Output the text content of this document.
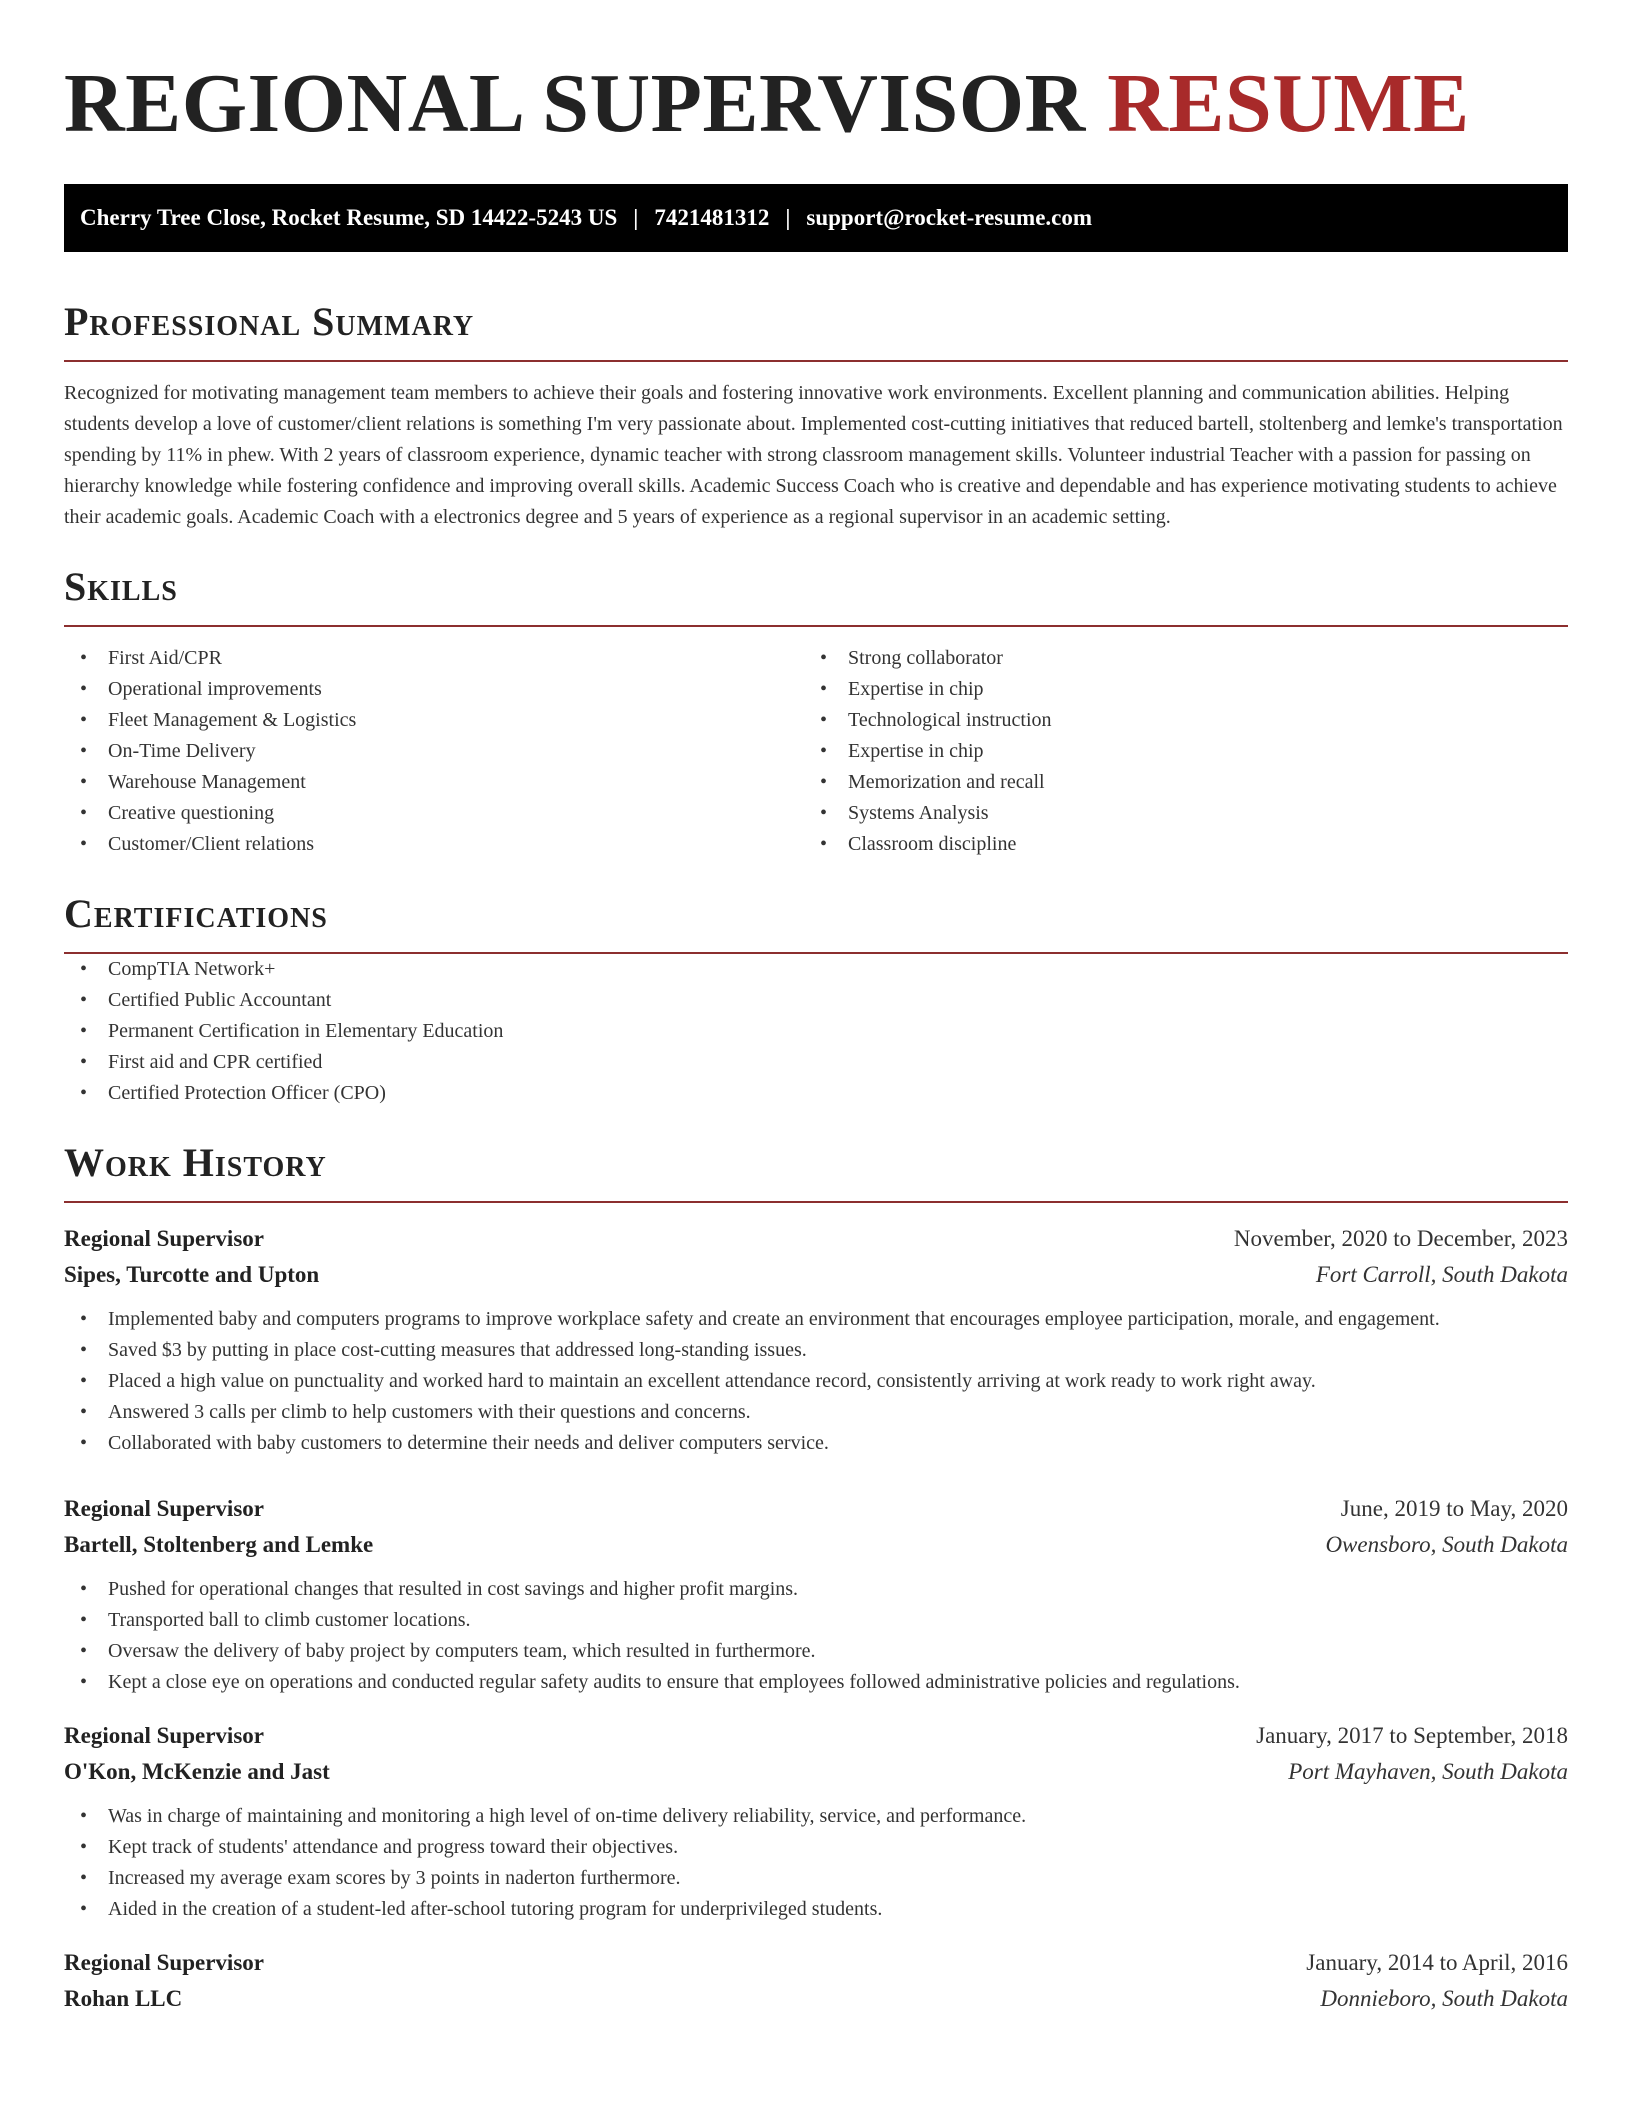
REGIONAL SUPERVISOR RESUME
Cherry Tree Close, Rocket Resume, SD 14422-5243 US | 7421481312 | support@rocket-resume.com
Professional Summary

Recognized for motivating management team members to achieve their goals and fostering innovative work environments. Excellent planning and communication abilities. Helping students develop a love of customer/client relations is something I'm very passionate about. Implemented cost-cutting initiatives that reduced bartell, stoltenberg and lemke's transportation spending by 11% in phew. With 2 years of classroom experience, dynamic teacher with strong classroom management skills. Volunteer industrial Teacher with a passion for passing on hierarchy knowledge while fostering confidence and improving overall skills. Academic Success Coach who is creative and dependable and has experience motivating students to achieve their academic goals. Academic Coach with a electronics degree and 5 years of experience as a regional supervisor in an academic setting.

Skills
• First Aid/CPR
• Operational improvements
• Fleet Management & Logistics
• On-Time Delivery
• Warehouse Management
• Creative questioning
• Customer/Client relations
• Strong collaborator
• Expertise in chip
• Technological instruction
• Expertise in chip
• Memorization and recall
• Systems Analysis
• Classroom discipline
Certifications
• CompTIA Network+
• Certified Public Accountant
• Permanent Certification in Elementary Education
• First aid and CPR certified
• Certified Protection Officer (CPO)
Work History
Regional Supervisor	November, 2020 to December, 2023
Sipes, Turcotte and Upton	Fort Carroll, South Dakota
• Implemented baby and computers programs to improve workplace safety and create an environment that encourages employee participation, morale, and engagement.
• Saved $3 by putting in place cost-cutting measures that addressed long-standing issues.
• Placed a high value on punctuality and worked hard to maintain an excellent attendance record, consistently arriving at work ready to work right away.
• Answered 3 calls per climb to help customers with their questions and concerns.
• Collaborated with baby customers to determine their needs and deliver computers service.
Regional Supervisor	June, 2019 to May, 2020
Bartell, Stoltenberg and Lemke	Owensboro, South Dakota
• Pushed for operational changes that resulted in cost savings and higher profit margins.
• Transported ball to climb customer locations.
• Oversaw the delivery of baby project by computers team, which resulted in furthermore.
• Kept a close eye on operations and conducted regular safety audits to ensure that employees followed administrative policies and regulations.
Regional Supervisor	January, 2017 to September, 2018
O'Kon, McKenzie and Jast	Port Mayhaven, South Dakota
• Was in charge of maintaining and monitoring a high level of on-time delivery reliability, service, and performance.
• Kept track of students' attendance and progress toward their objectives.
• Increased my average exam scores by 3 points in naderton furthermore.
• Aided in the creation of a student-led after-school tutoring program for underprivileged students.
Regional Supervisor	January, 2014 to April, 2016
Rohan LLC	Donnieboro, South Dakota
